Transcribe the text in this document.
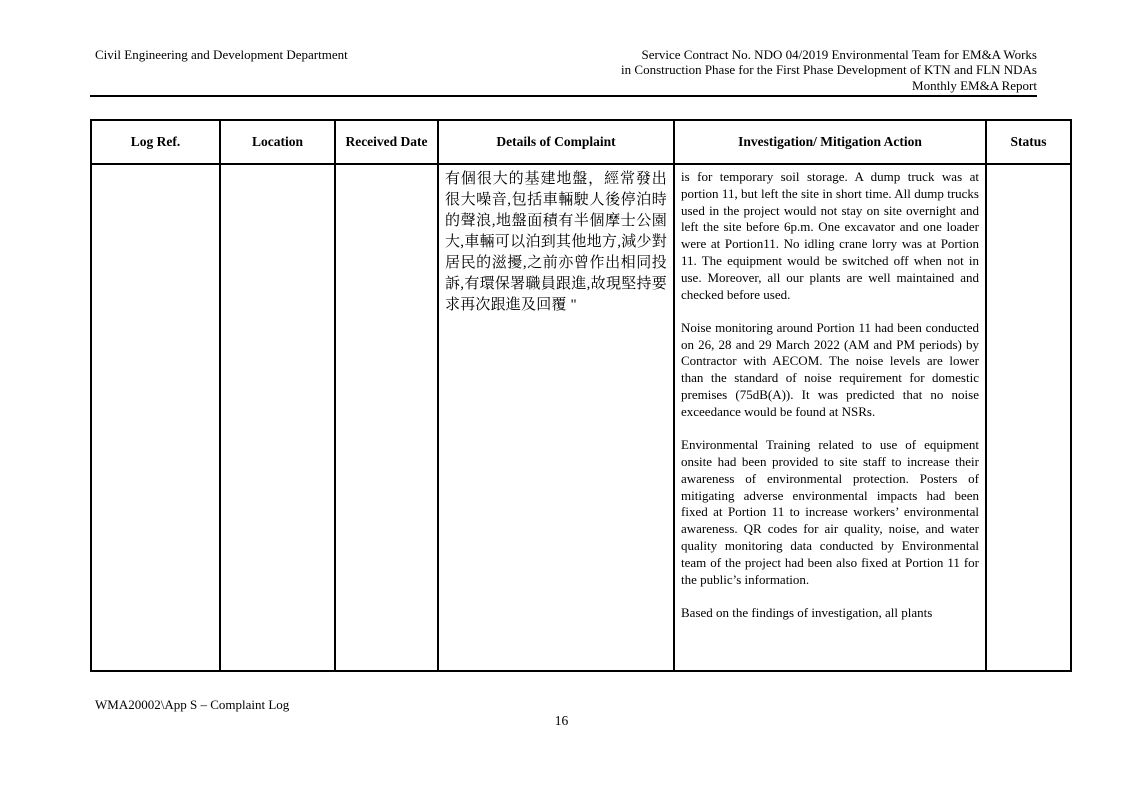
Civil Engineering and Development Department	Service Contract No. NDO 04/2019 Environmental Team for EM&A Works
in Construction Phase for the First Phase Development of KTN and FLN NDAs
Monthly EM&A Report
Log Ref.	Location	Received Date	Details of Complaint	Investigation/ Mitigation Action	Status

			有個很大的基建地盤，經常發出很大噪音,包括車輛駛人後停泊時的聲浪,地盤面積有半個摩士公園大,車輛可以泊到其他地方,減少對居民的滋擾,之前亦曾作出相同投訴,有環保署職員跟進,故現堅持要求再次跟進及回覆 "	is for temporary soil storage. A dump truck was at portion 11, but left the site in short time. All dump trucks used in the project would not stay on site overnight and left the site before 6p.m. One excavator and one loader were at Portion11. No idling crane lorry was at Portion 11. The equipment would be switched off when not in use. Moreover, all our plants are well maintained and checked before used.

Noise monitoring around Portion 11 had been conducted on 26, 28 and 29 March 2022 (AM and PM periods) by Contractor with AECOM. The noise levels are lower than the standard of noise requirement for domestic premises (75dB(A)). It was predicted that no noise exceedance would be found at NSRs.

Environmental Training related to use of equipment onsite had been provided to site staff to increase their awareness of environmental protection. Posters of mitigating adverse environmental impacts had been fixed at Portion 11 to increase workers’ environmental awareness. QR codes for air quality, noise, and water quality monitoring data conducted by Environmental team of the project had been also fixed at Portion 11 for the public’s information.

Based on the findings of investigation, all plants	

WMA20002\App S – Complaint Log
16
